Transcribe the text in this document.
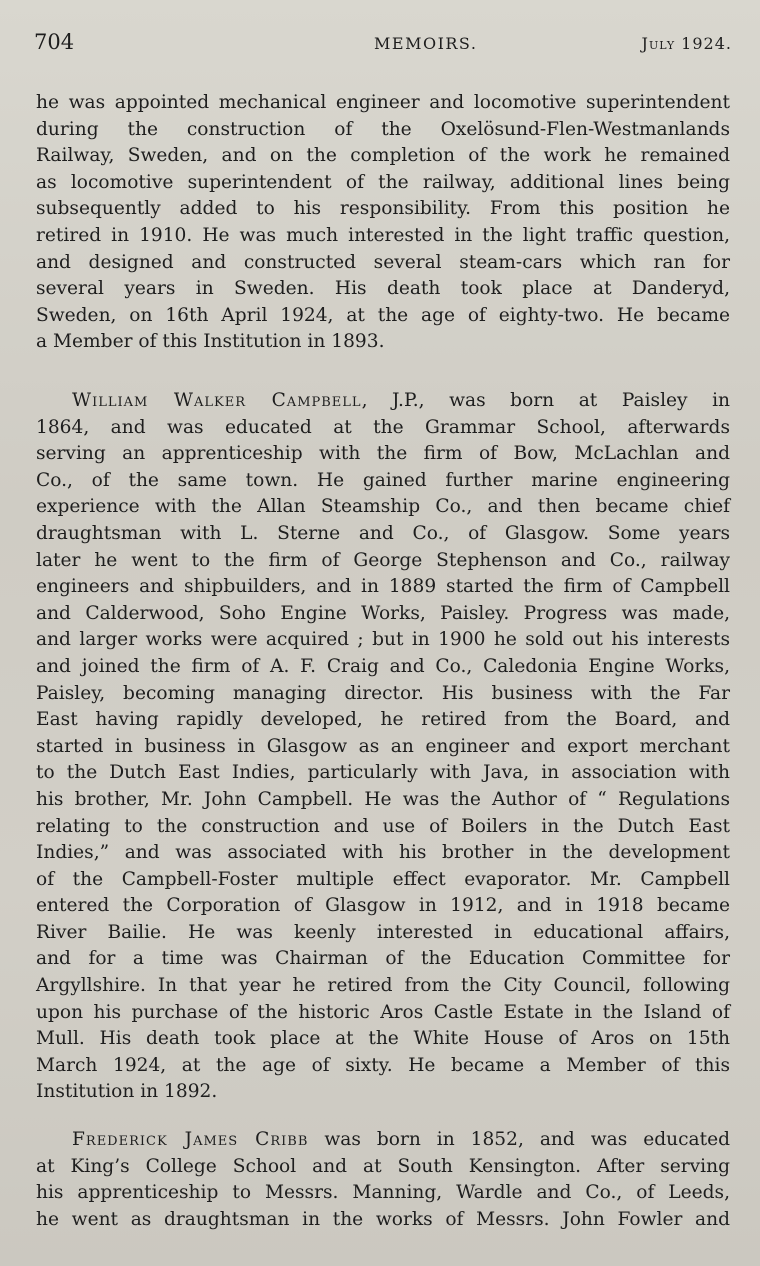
704	MEMOIRS.	July 1924.
he was appointed mechanical engineer and locomotive superintendent
during the construction of the Oxelösund-Flen-Westmanlands
Railway, Sweden, and on the completion of the work he remained
as locomotive superintendent of the railway, additional lines being
subsequently added to his responsibility. From this position he
retired in 1910. He was much interested in the light traffic question,
and designed and constructed several steam-cars which ran for
several years in Sweden. His death took place at Danderyd,
Sweden, on 16th April 1924, at the age of eighty-two. He became
a Member of this Institution in 1893.
William Walker Campbell, J.P., was born at Paisley in
1864, and was educated at the Grammar School, afterwards
serving an apprenticeship with the firm of Bow, McLachlan and
Co., of the same town. He gained further marine engineering
experience with the Allan Steamship Co., and then became chief
draughtsman with L. Sterne and Co., of Glasgow. Some years
later he went to the firm of George Stephenson and Co., railway
engineers and shipbuilders, and in 1889 started the firm of Campbell
and Calderwood, Soho Engine Works, Paisley. Progress was made,
and larger works were acquired ; but in 1900 he sold out his interests
and joined the firm of A. F. Craig and Co., Caledonia Engine Works,
Paisley, becoming managing director. His business with the Far
East having rapidly developed, he retired from the Board, and
started in business in Glasgow as an engineer and export merchant
to the Dutch East Indies, particularly with Java, in association with
his brother, Mr. John Campbell. He was the Author of “ Regulations
relating to the construction and use of Boilers in the Dutch East
Indies,” and was associated with his brother in the development
of the Campbell-Foster multiple effect evaporator. Mr. Campbell
entered the Corporation of Glasgow in 1912, and in 1918 became
River Bailie. He was keenly interested in educational affairs,
and for a time was Chairman of the Education Committee for
Argyllshire. In that year he retired from the City Council, following
upon his purchase of the historic Aros Castle Estate in the Island of
Mull. His death took place at the White House of Aros on 15th
March 1924, at the age of sixty. He became a Member of this
Institution in 1892.
Frederick James Cribb was born in 1852, and was educated
at King’s College School and at South Kensington. After serving
his apprenticeship to Messrs. Manning, Wardle and Co., of Leeds,
he went as draughtsman in the works of Messrs. John Fowler and
